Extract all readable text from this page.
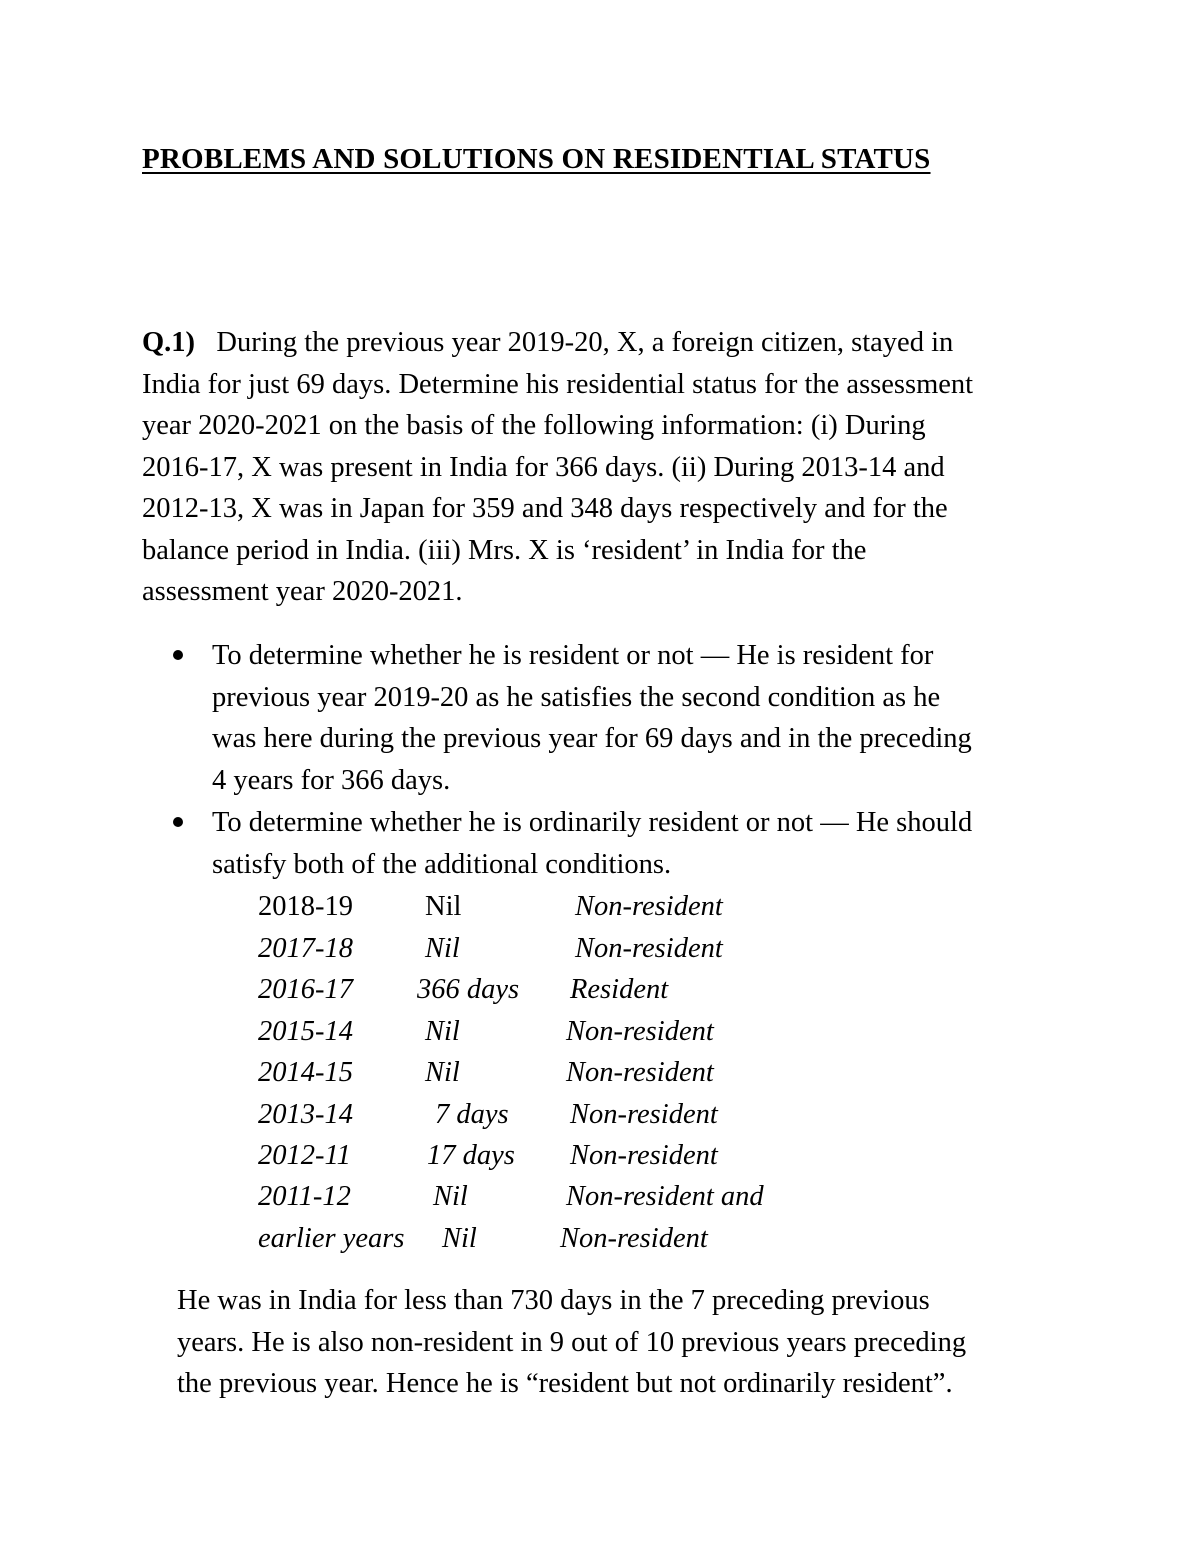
PROBLEMS AND SOLUTIONS ON RESIDENTIAL STATUS
Q.1) During the previous year 2019-20, X, a foreign citizen, stayed in
India for just 69 days. Determine his residential status for the assessment
year 2020-2021 on the basis of the following information: (i) During
2016-17, X was present in India for 366 days. (ii) During 2013-14 and
2012-13, X was in Japan for 359 and 348 days respectively and for the
balance period in India. (iii) Mrs. X is ‘resident’ in India for the
assessment year 2020-2021.
To determine whether he is resident or not — He is resident for
previous year 2019-20 as he satisfies the second condition as he
was here during the previous year for 69 days and in the preceding
4 years for 366 days.
To determine whether he is ordinarily resident or not — He should
satisfy both of the additional conditions.
2018-19	Nil	Non-resident
2017-18	Nil	Non-resident
2016-17 366 days Resident
2015-14	Nil	Non-resident
2014-15	Nil	Non-resident
2013-14	7 days Non-resident
2012-11	17 days Non-resident
2011-12	Nil	Non-resident and
earlier years Nil	Non-resident
He was in India for less than 730 days in the 7 preceding previous
years. He is also non-resident in 9 out of 10 previous years preceding
the previous year. Hence he is “resident but not ordinarily resident”.
